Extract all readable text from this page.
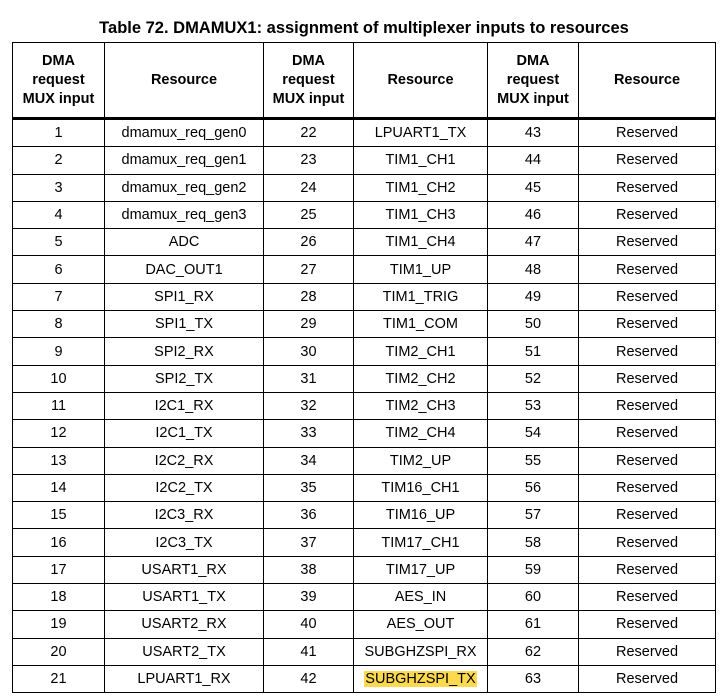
Table 72. DMAMUX1: assignment of multiplexer inputs to resources
DMA
request
MUX input	Resource	DMA
request
MUX input	Resource	DMA
request
MUX input	Resource
1	dmamux_req_gen0	22	LPUART1_TX	43	Reserved
2	dmamux_req_gen1	23	TIM1_CH1	44	Reserved
3	dmamux_req_gen2	24	TIM1_CH2	45	Reserved
4	dmamux_req_gen3	25	TIM1_CH3	46	Reserved
5	ADC	26	TIM1_CH4	47	Reserved
6	DAC_OUT1	27	TIM1_UP	48	Reserved
7	SPI1_RX	28	TIM1_TRIG	49	Reserved
8	SPI1_TX	29	TIM1_COM	50	Reserved
9	SPI2_RX	30	TIM2_CH1	51	Reserved
10	SPI2_TX	31	TIM2_CH2	52	Reserved
11	I2C1_RX	32	TIM2_CH3	53	Reserved
12	I2C1_TX	33	TIM2_CH4	54	Reserved
13	I2C2_RX	34	TIM2_UP	55	Reserved
14	I2C2_TX	35	TIM16_CH1	56	Reserved
15	I2C3_RX	36	TIM16_UP	57	Reserved
16	I2C3_TX	37	TIM17_CH1	58	Reserved
17	USART1_RX	38	TIM17_UP	59	Reserved
18	USART1_TX	39	AES_IN	60	Reserved
19	USART2_RX	40	AES_OUT	61	Reserved
20	USART2_TX	41	SUBGHZSPI_RX	62	Reserved
21	LPUART1_RX	42	SUBGHZSPI_TX	63	Reserved
